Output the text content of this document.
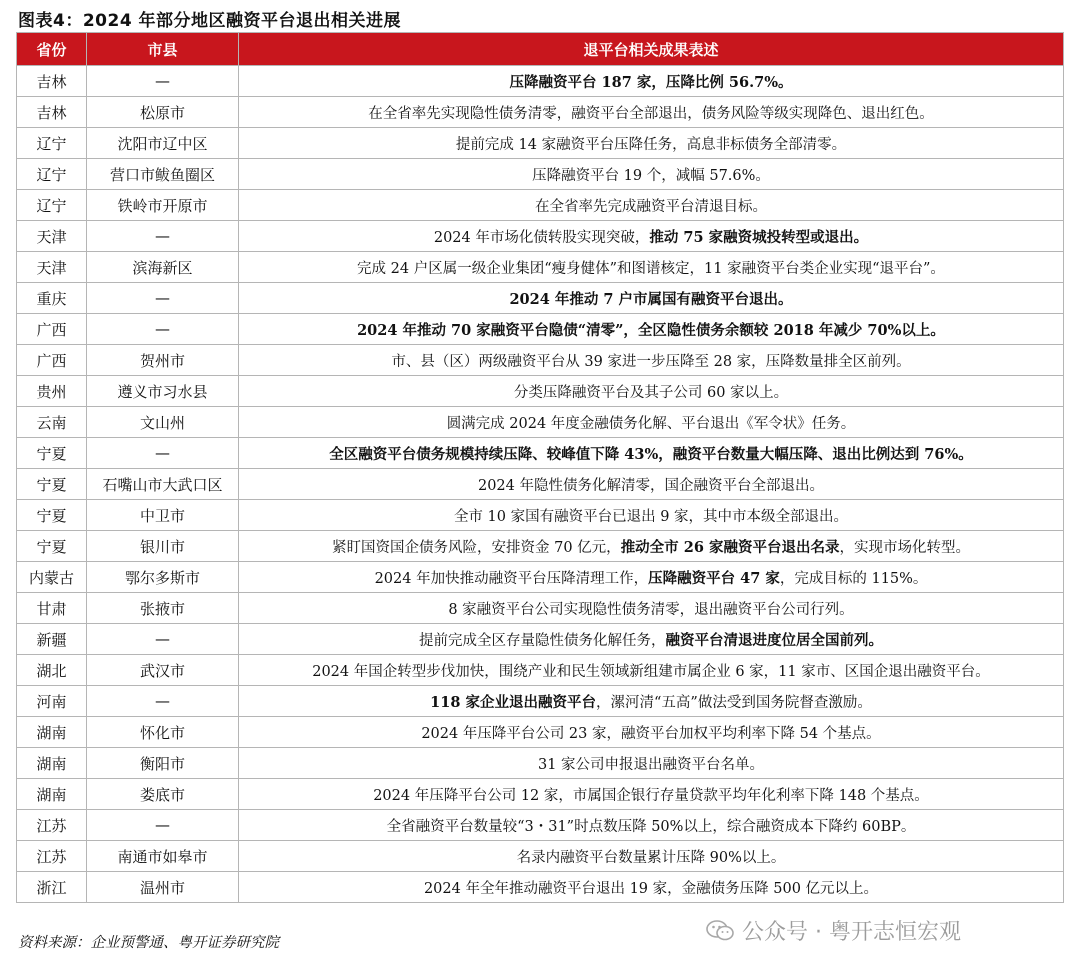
图表4：2024 年部分地区融资平台退出相关进展
省份	市县	退平台相关成果表述
吉林	—	压降融资平台 187 家，压降比例 56.7%。
吉林	松原市	在全省率先实现隐性债务清零，融资平台全部退出，债务风险等级实现降色、退出红色。
辽宁	沈阳市辽中区	提前完成 14 家融资平台压降任务，高息非标债务全部清零。
辽宁	营口市鲅鱼圈区	压降融资平台 19 个，减幅 57.6%。
辽宁	铁岭市开原市	在全省率先完成融资平台清退目标。
天津	—	2024 年市场化债转股实现突破，推动 75 家融资城投转型或退出。
天津	滨海新区	完成 24 户区属一级企业集团“瘦身健体”和图谱核定，11 家融资平台类企业实现“退平台”。
重庆	—	2024 年推动 7 户市属国有融资平台退出。
广西	—	2024 年推动 70 家融资平台隐债“清零”，全区隐性债务余额较 2018 年减少 70%以上。
广西	贺州市	市、县（区）两级融资平台从 39 家进一步压降至 28 家，压降数量排全区前列。
贵州	遵义市习水县	分类压降融资平台及其子公司 60 家以上。
云南	文山州	圆满完成 2024 年度金融债务化解、平台退出《军令状》任务。
宁夏	—	全区融资平台债务规模持续压降、较峰值下降 43%，融资平台数量大幅压降、退出比例达到 76%。
宁夏	石嘴山市大武口区	2024 年隐性债务化解清零，国企融资平台全部退出。
宁夏	中卫市	全市 10 家国有融资平台已退出 9 家，其中市本级全部退出。
宁夏	银川市	紧盯国资国企债务风险，安排资金 70 亿元，推动全市 26 家融资平台退出名录，实现市场化转型。
内蒙古	鄂尔多斯市	2024 年加快推动融资平台压降清理工作，压降融资平台 47 家，完成目标的 115%。
甘肃	张掖市	8 家融资平台公司实现隐性债务清零，退出融资平台公司行列。
新疆	—	提前完成全区存量隐性债务化解任务，融资平台清退进度位居全国前列。
湖北	武汉市	2024 年国企转型步伐加快，围绕产业和民生领域新组建市属企业 6 家，11 家市、区国企退出融资平台。
河南	—	118 家企业退出融资平台，漯河清“五高”做法受到国务院督查激励。
湖南	怀化市	2024 年压降平台公司 23 家，融资平台加权平均利率下降 54 个基点。
湖南	衡阳市	31 家公司申报退出融资平台名单。
湖南	娄底市	2024 年压降平台公司 12 家，市属国企银行存量贷款平均年化利率下降 148 个基点。
江苏	—	全省融资平台数量较“3・31”时点数压降 50%以上，综合融资成本下降约 60BP。
江苏	南通市如皋市	名录内融资平台数量累计压降 90%以上。
浙江	温州市	2024 年全年推动融资平台退出 19 家，金融债务压降 500 亿元以上。
资料来源：企业预警通、粤开证券研究院	公众号 · 粤开志恒宏观
